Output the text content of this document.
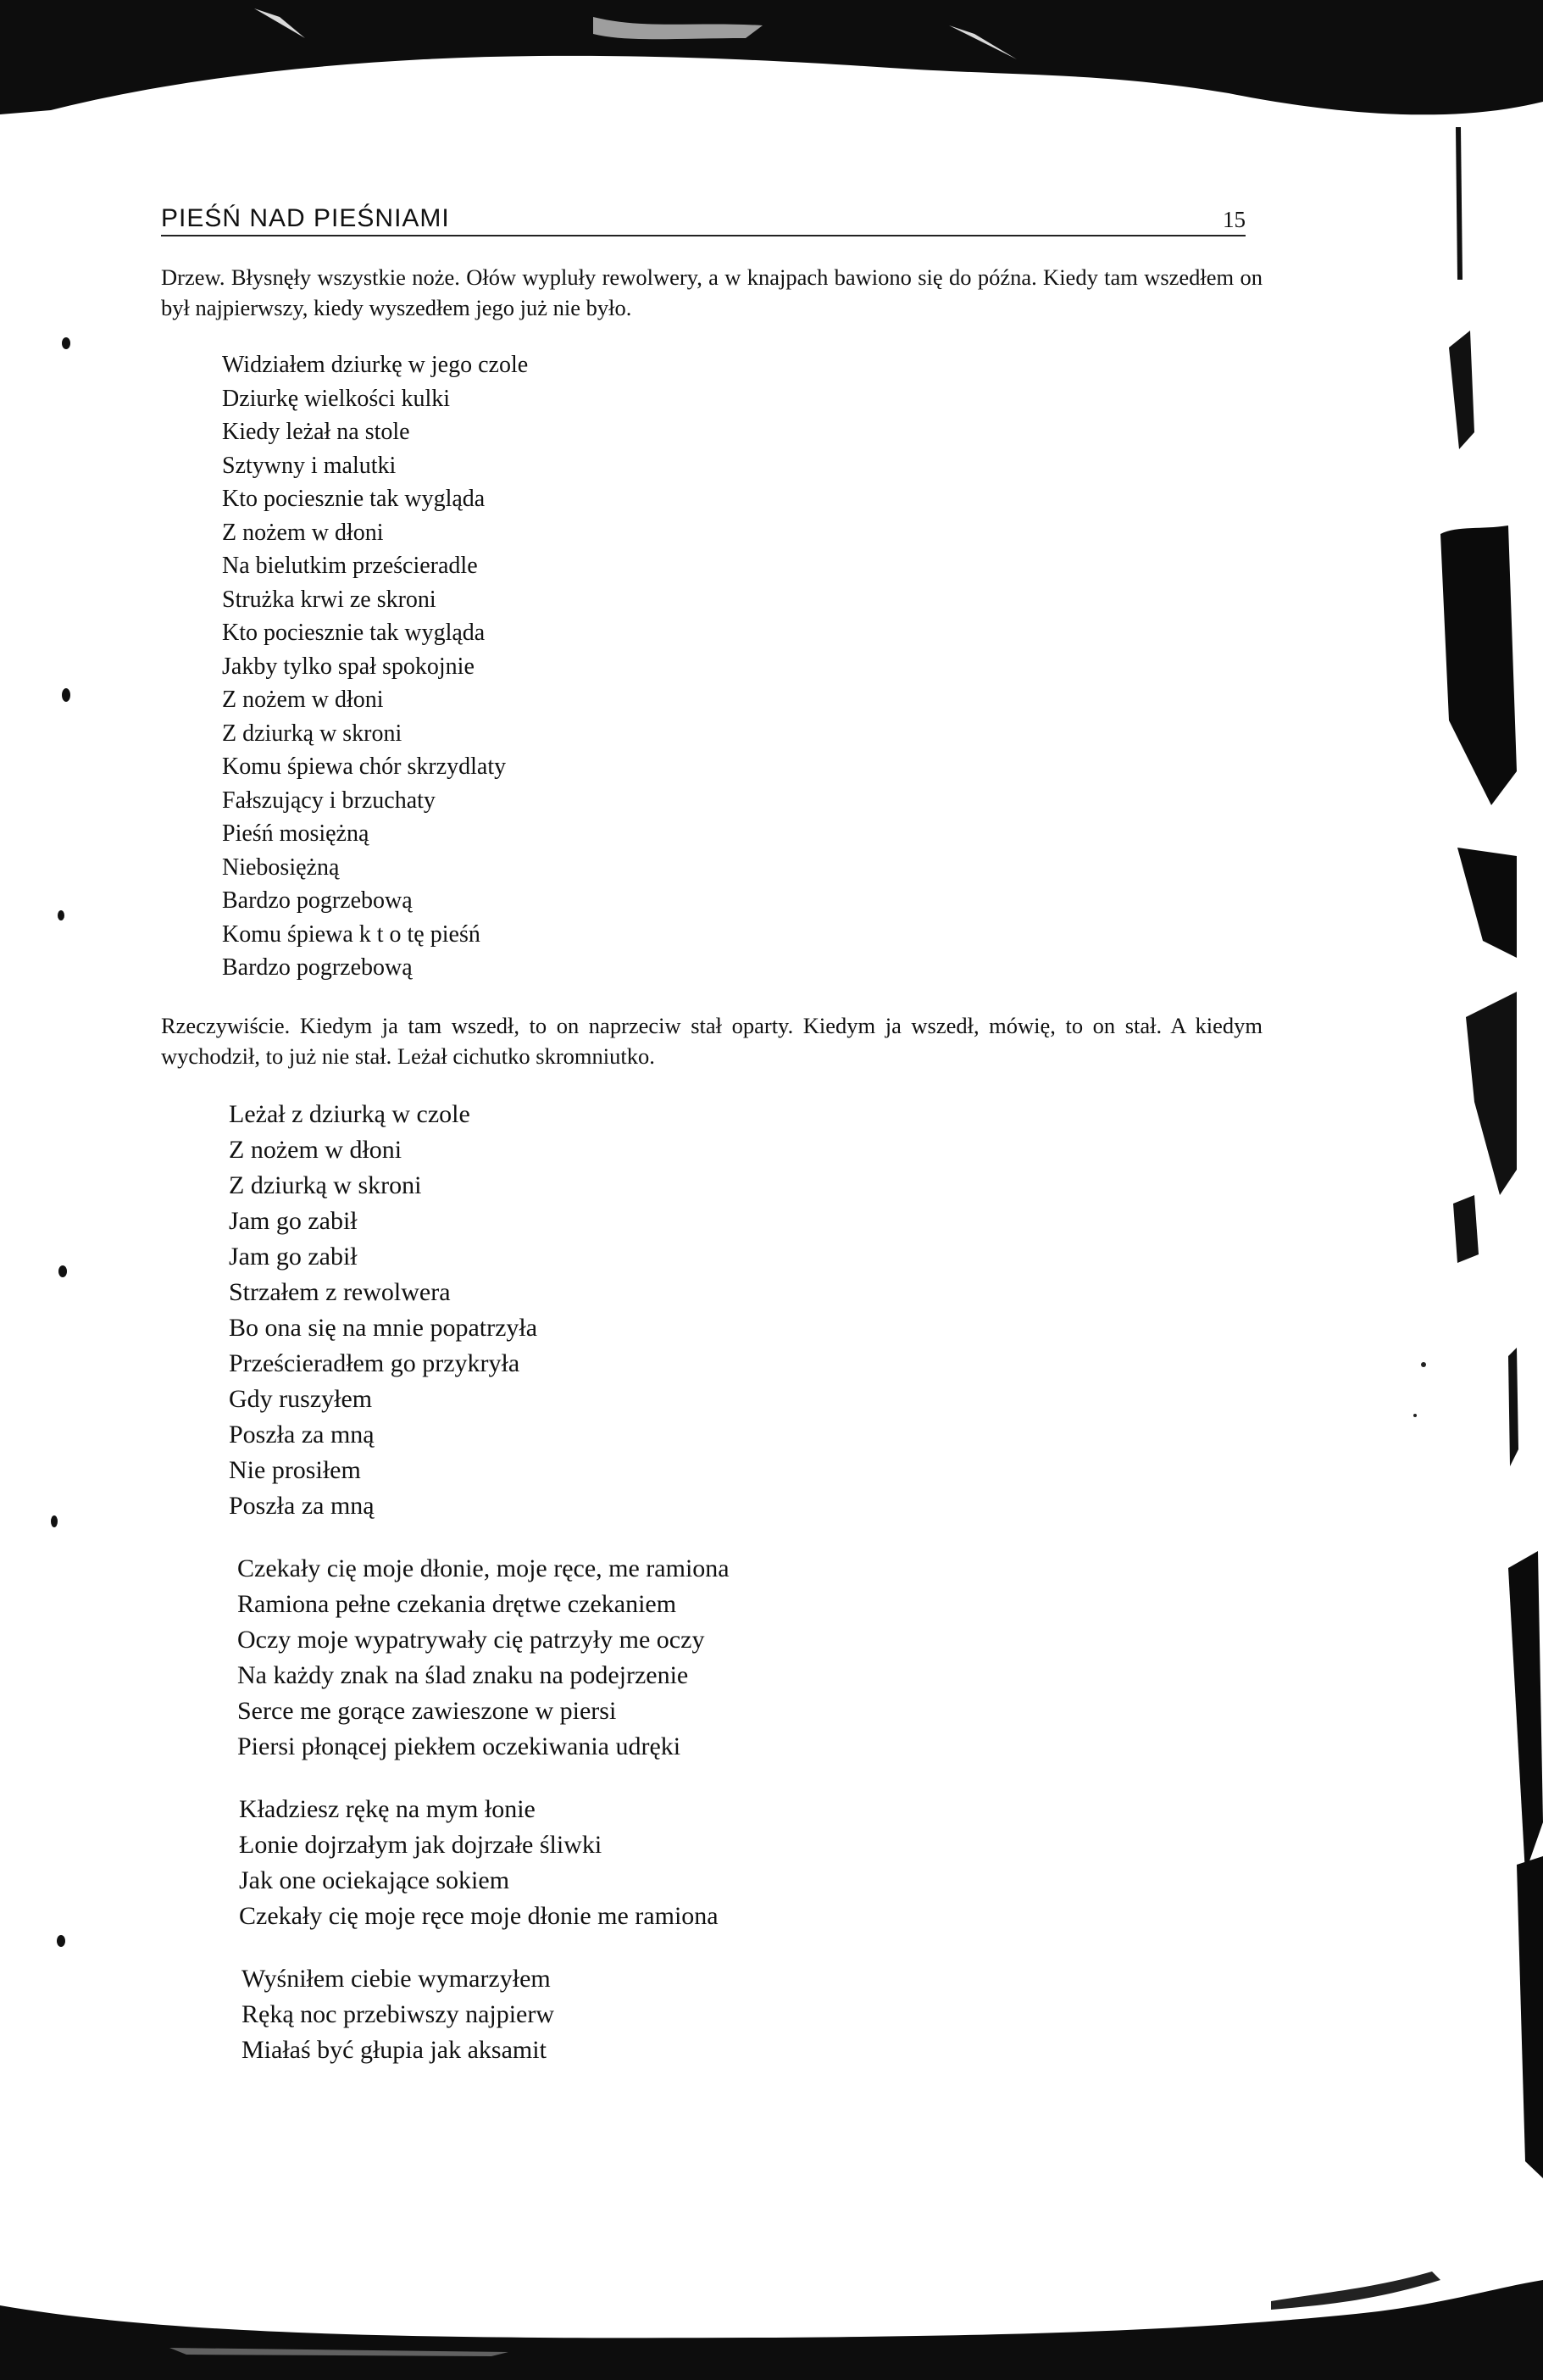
PIEŚŃ NAD PIEŚNIAMI	15

Drzew. Błysnęły wszystkie noże. Ołów wypluły rewolwery, a w knajpach bawiono się do późna. Kiedy tam wszedłem on był najpierwszy, kiedy wyszedłem jego już nie było.

Widziałem dziurkę w jego czole
Dziurkę wielkości kulki
Kiedy leżał na stole
Sztywny i malutki
Kto pociesznie tak wygląda
Z nożem w dłoni
Na bielutkim prześcieradle
Strużka krwi ze skroni
Kto pociesznie tak wygląda
Jakby tylko spał spokojnie
Z nożem w dłoni
Z dziurką w skroni
Komu śpiewa chór skrzydlaty
Fałszujący i brzuchaty
Pieśń mosiężną
Niebosiężną
Bardzo pogrzebową
Komu śpiewa k t o tę pieśń
Bardzo pogrzebową

Rzeczywiście. Kiedym ja tam wszedł, to on naprzeciw stał oparty. Kiedym ja wszedł, mówię, to on stał. A kiedym wychodził, to już nie stał. Leżał cichutko skromniutko.

Leżał z dziurką w czole
Z nożem w dłoni
Z dziurką w skroni
Jam go zabił
Jam go zabił
Strzałem z rewolwera
Bo ona się na mnie popatrzyła
Prześcieradłem go przykryła
Gdy ruszyłem
Poszła za mną
Nie prosiłem
Poszła za mną
Czekały cię moje dłonie, moje ręce, me ramiona
Ramiona pełne czekania drętwe czekaniem
Oczy moje wypatrywały cię patrzyły me oczy
Na każdy znak na ślad znaku na podejrzenie
Serce me gorące zawieszone w piersi
Piersi płonącej piekłem oczekiwania udręki
Kładziesz rękę na mym łonie
Łonie dojrzałym jak dojrzałe śliwki
Jak one ociekające sokiem
Czekały cię moje ręce moje dłonie me ramiona
Wyśniłem ciebie wymarzyłem
Ręką noc przebiwszy najpierw
Miałaś być głupia jak aksamit
